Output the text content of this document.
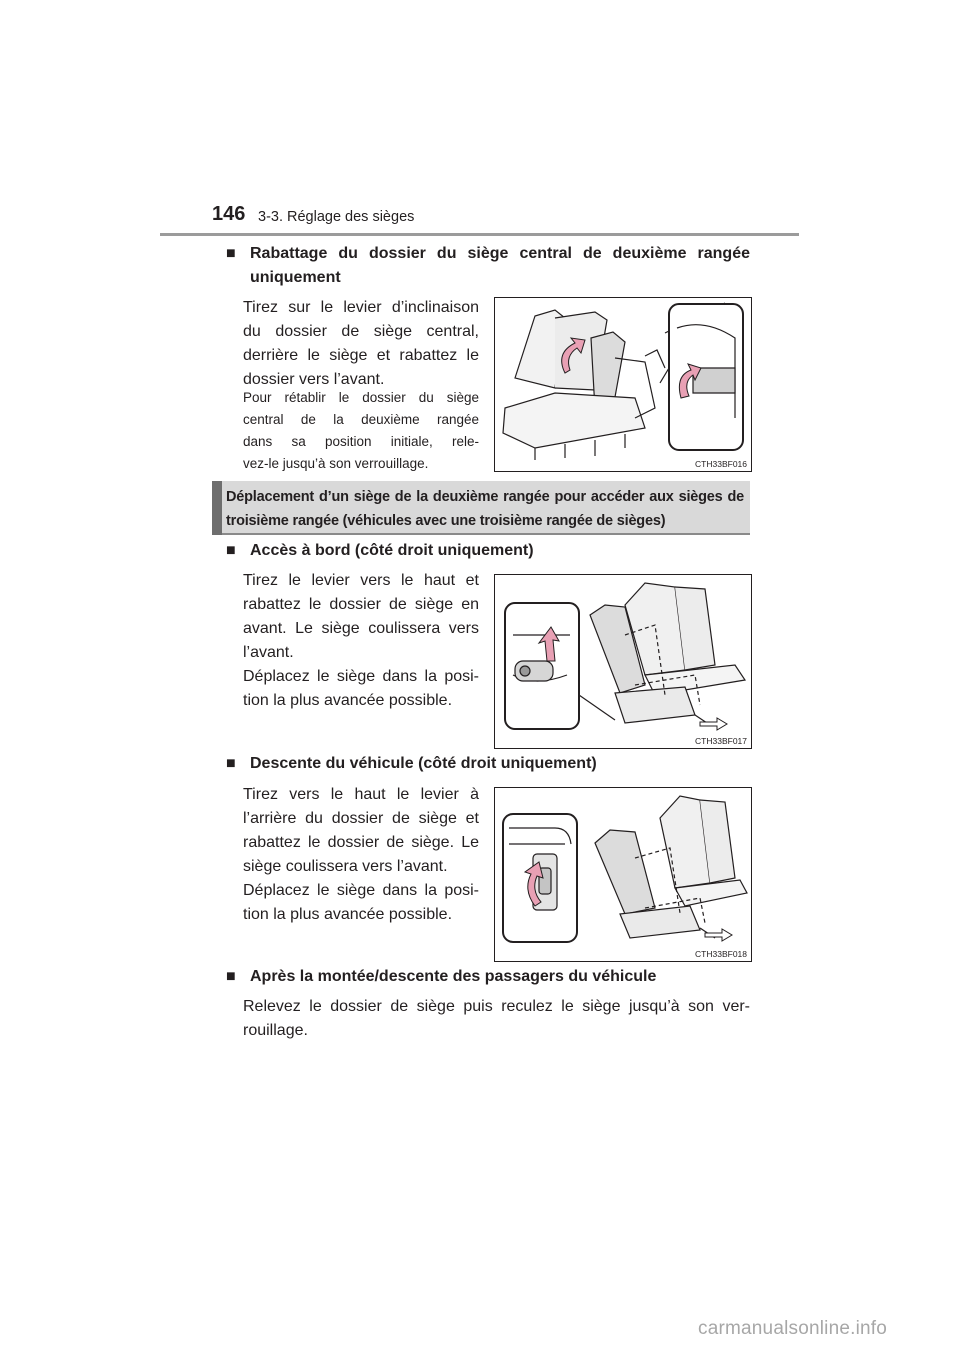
146 3-3. Réglage des sièges
■ Rabattage du dossier du siège central de deuxième rangée
uniquement
Tirez sur le levier d’inclinaison
du dossier de siège central,
derrière le siège et rabattez le
dossier vers l’avant.
Pour rétablir le dossier du siège
central de la deuxième rangée
dans sa position initiale, rele-
vez-le jusqu’à son verrouillage.	CTH33BF016
Déplacement d’un siège de la deuxième rangée pour accéder aux sièges de
troisième rangée (véhicules avec une troisième rangée de sièges)
■ Accès à bord (côté droit uniquement)
Tirez le levier vers le haut et
rabattez le dossier de siège en
avant. Le siège coulissera vers
l’avant.
Déplacez le siège dans la posi-
tion la plus avancée possible.
CTH33BF017
■ Descente du véhicule (côté droit uniquement)
Tirez vers le haut le levier à
l’arrière du dossier de siège et
rabattez le dossier de siège. Le
siège coulissera vers l’avant.
Déplacez le siège dans la posi-
tion la plus avancée possible.
CTH33BF018
■ Après la montée/descente des passagers du véhicule
Relevez le dossier de siège puis reculez le siège jusqu’à son ver-
rouillage.
carmanualsonline.info
